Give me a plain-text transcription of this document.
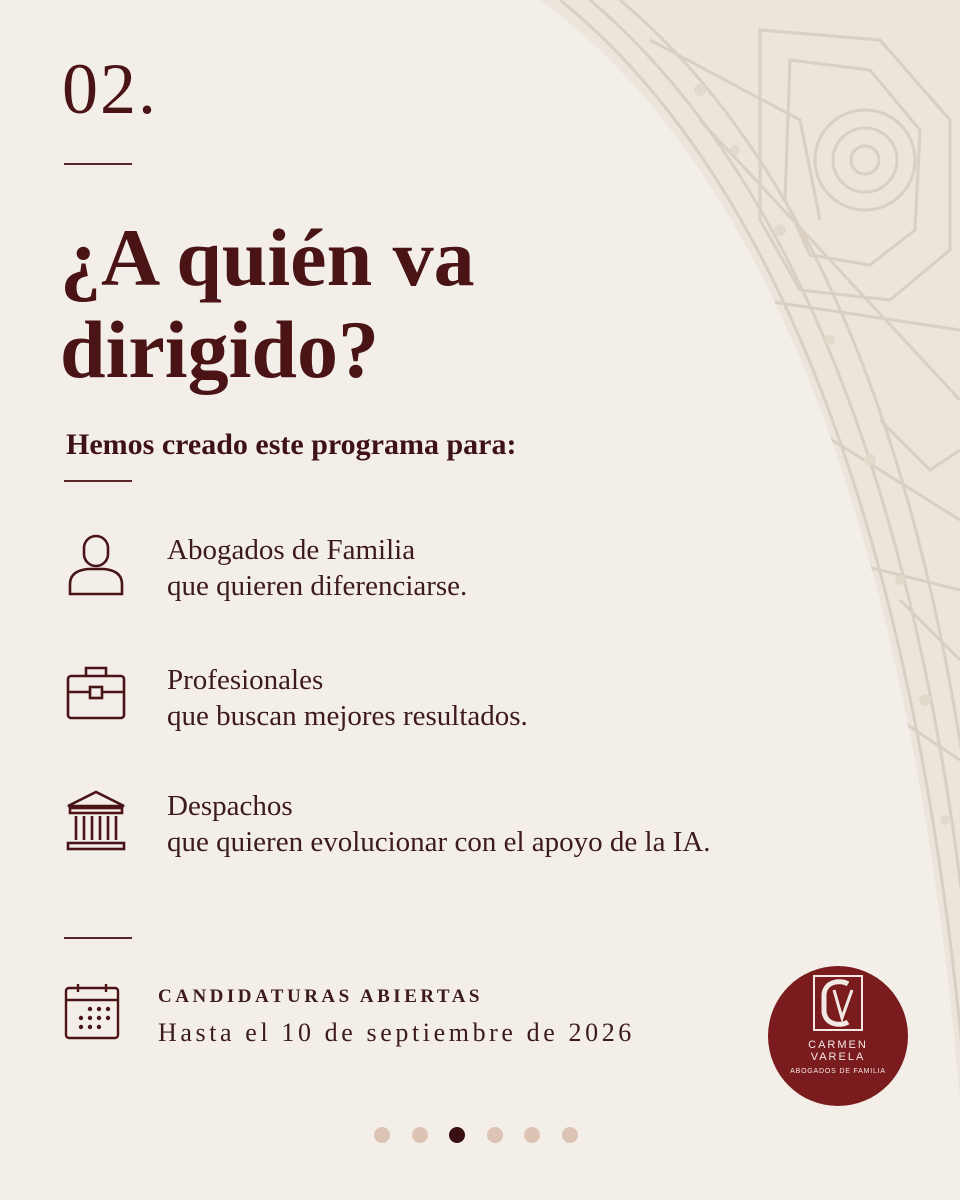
02.
¿A quién va
dirigido?
Hemos creado este programa para:
Abogados de Familia
que quieren diferenciarse.
Profesionales
que buscan mejores resultados.
Despachos
que quieren evolucionar con el apoyo de la IA.
CANDIDATURAS ABIERTAS
Hasta el 10 de septiembre de 2026	CARMEN
VARELA
ABOGADOS DE FAMILIA
